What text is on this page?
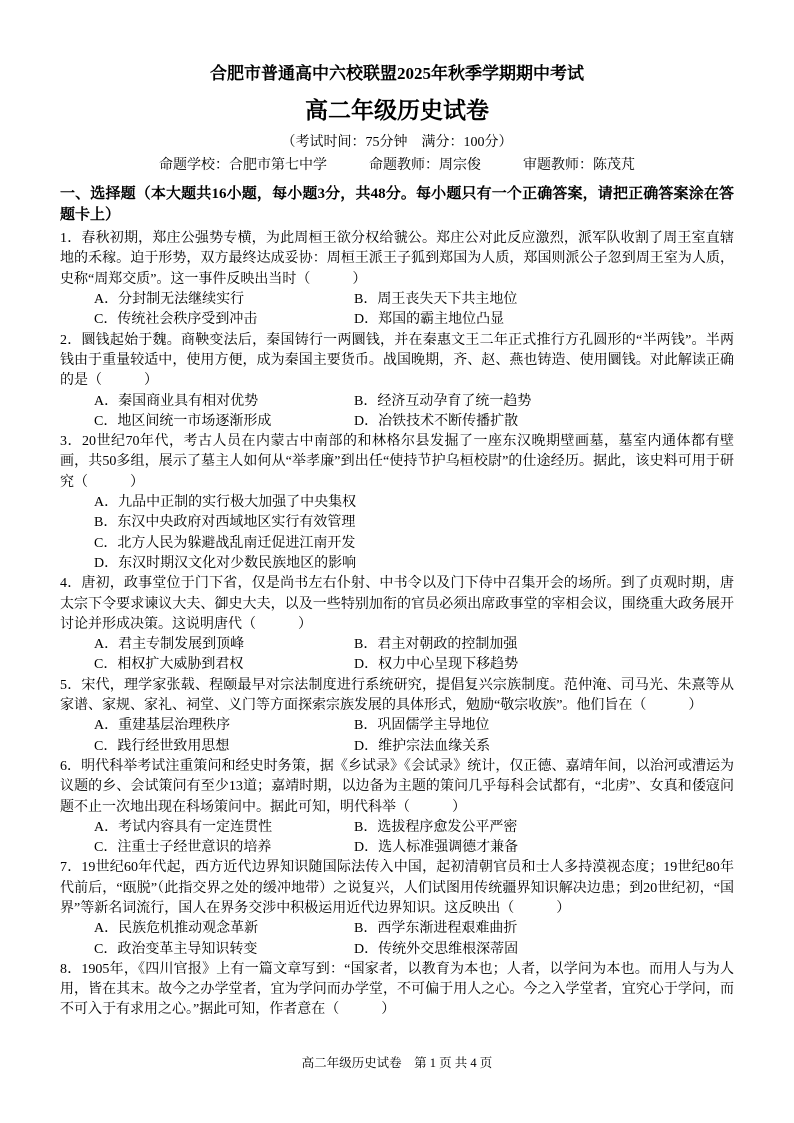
合肥市普通高中六校联盟2025年秋季学期期中考试
高二年级历史试卷
（考试时间：75分钟　满分：100分）
命题学校：合肥市第七中学　　　命题教师：周宗俊　　　审题教师：陈茂芃
一、选择题（本大题共16小题，每小题3分，共48分。每小题只有一个正确答案，请把正确答案涂在答题卡上）
1．春秋初期，郑庄公强势专横，为此周桓王欲分权给虢公。郑庄公对此反应激烈，派军队收割了周王室直辖地的禾稼。迫于形势，双方最终达成妥协：周桓王派王子狐到郑国为人质，郑国则派公子忽到周王室为人质，史称“周郑交质”。这一事件反映出当时（　　　）
A．分封制无法继续实行	B．周王丧失天下共主地位
C．传统社会秩序受到冲击	D．郑国的霸主地位凸显
2．圜钱起始于魏。商鞅变法后，秦国铸行一两圜钱，并在秦惠文王二年正式推行方孔圆形的“半两钱”。半两钱由于重量较适中，使用方便，成为秦国主要货币。战国晚期，齐、赵、燕也铸造、使用圜钱。对此解读正确的是（　　　）
A．秦国商业具有相对优势	B．经济互动孕育了统一趋势
C．地区间统一市场逐渐形成	D．冶铁技术不断传播扩散
3．20世纪70年代，考古人员在内蒙古中南部的和林格尔县发掘了一座东汉晚期壁画墓，墓室内通体都有壁画，共50多组，展示了墓主人如何从“举孝廉”到出任“使持节护乌桓校尉”的仕途经历。据此，该史料可用于研究（　　　）
A．九品中正制的实行极大加强了中央集权
B．东汉中央政府对西域地区实行有效管理
C．北方人民为躲避战乱南迁促进江南开发
D．东汉时期汉文化对少数民族地区的影响
4．唐初，政事堂位于门下省，仅是尚书左右仆射、中书令以及门下侍中召集开会的场所。到了贞观时期，唐太宗下令要求谏议大夫、御史大夫，以及一些特别加衔的官员必须出席政事堂的宰相会议，围绕重大政务展开讨论并形成决策。这说明唐代（　　　）
A．君主专制发展到顶峰	B．君主对朝政的控制加强
C．相权扩大威胁到君权	D．权力中心呈现下移趋势
5．宋代，理学家张载、程颐最早对宗法制度进行系统研究，提倡复兴宗族制度。范仲淹、司马光、朱熹等从家谱、家规、家礼、祠堂、义门等方面探索宗族发展的具体形式，勉励“敬宗收族”。他们旨在（　　　）
A．重建基层治理秩序	B．巩固儒学主导地位
C．践行经世致用思想	D．维护宗法血缘关系
6．明代科举考试注重策问和经史时务策，据《乡试录》《会试录》统计，仅正德、嘉靖年间，以治河或漕运为议题的乡、会试策问有至少13道；嘉靖时期，以边备为主题的策问几乎每科会试都有，“北虏”、女真和倭寇问题不止一次地出现在科场策问中。据此可知，明代科举（　　　）
A．考试内容具有一定连贯性	B．选拔程序愈发公平严密
C．注重士子经世意识的培养	D．选人标准强调德才兼备
7．19世纪60年代起，西方近代边界知识随国际法传入中国，起初清朝官员和士人多持漠视态度；19世纪80年代前后，“瓯脱”（此指交界之处的缓冲地带）之说复兴，人们试图用传统疆界知识解决边患；到20世纪初，“国界”等新名词流行，国人在界务交涉中积极运用近代边界知识。这反映出（　　　）
A．民族危机推动观念革新	B．西学东渐进程艰难曲折
C．政治变革主导知识转变	D．传统外交思维根深蒂固
8．1905年，《四川官报》上有一篇文章写到：“国家者，以教育为本也；人者，以学问为本也。而用人与为人用，皆在其末。故今之办学堂者，宜为学问而办学堂，不可偏于用人之心。今之入学堂者，宜究心于学问，而不可入于有求用之心。”据此可知，作者意在（　　　）
高二年级历史试卷　第 1 页 共 4 页
